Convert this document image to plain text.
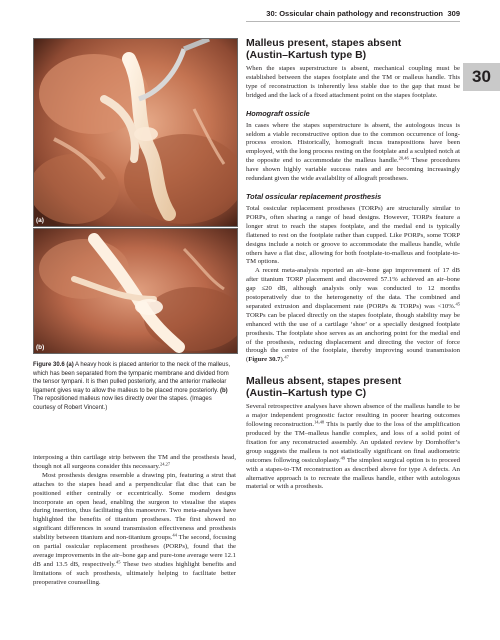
30: Ossicular chain pathology and reconstruction 309
30
(a)
(b)
Figure 30.6 (a) A heavy hook is placed anterior to the neck of the malleus, which has been separated from the tympanic membrane and divided from the tensor tympani. It is then pulled posteriorly, and the anterior malleolar ligament gives way to allow the malleus to be placed more posteriorly. (b) The repositioned malleus now lies directly over the stapes. (Images courtesy of Robert Vincent.)

interposing a thin cartilage strip between the TM and the prosthesis head, though not all surgeons consider this necessary.$^{24,27}$

Most prosthesis designs resemble a drawing pin, featuring a strut that attaches to the stapes head and a perpendicular flat disc that can be positioned either centrally or eccentrically. Some modern designs incorporate an open head, enabling the surgeon to visualise the stapes during insertion, thus facilitating this manoeuvre. Two meta-analyses have highlighted the benefits of titanium prostheses. The first showed no significant differences in sound transmission effectiveness and prosthesis stability between titanium and non-titanium groups.$^{44}$ The second, focusing on partial ossicular replacement prostheses (PORPs), found that the average improvements in the air–bone gap and pure-tone average were 12.1 dB and 13.5 dB, respectively.$^{45}$ These two studies highlight benefits and limitations of such prosthesis, ultimately helping to facilitate better preoperative counselling.

Malleus present, stapes absent
(Austin–Kartush type B)

When the stapes superstructure is absent, mechanical coupling must be established between the stapes footplate and the TM or malleus handle. This type of reconstruction is inherently less stable due to the gap that must be bridged and the lack of a fixed attachment point on the stapes footplate.

Homograft ossicle

In cases where the stapes superstructure is absent, the autologous incus is seldom a viable reconstructive option due to the common occurrence of long-process erosion. Historically, homograft incus transpositions have been employed, with the long process resting on the footplate and a sculpted notch at the opposite end to accommodate the malleus handle.$^{20,46}$ These procedures have shown highly variable success rates and are becoming increasingly redundant given the wide availability of allograft prostheses.

Total ossicular replacement prosthesis

Total ossicular replacement prostheses (TORPs) are structurally similar to PORPs, often sharing a range of head designs. However, TORPs feature a longer strut to reach the stapes footplate, and the medial end is typically flattened to rest on the footplate rather than cupped. Like PORPs, some TORP designs include a notch or groove to accommodate the malleus handle, while others have a flat disc, allowing for both footplate-to-malleus and footplate-to-TM options.

A recent meta-analysis reported an air–bone gap improvement of 17 dB after titanium TORP placement and discovered 57.1% achieved an air–bone gap ≤20 dB, although analysis only was conducted to 12 months postoperatively due to the heterogeneity of the data. The combined and separated extrusion and displacement rate (PORPs & TORPs) was <10%.$^{45}$ TORPs can be placed directly on the stapes footplate, though stability may be enhanced with the use of a cartilage ‘shoe’ or a specially designed footplate prosthesis. The footplate shoe serves as an anchoring point for the medial end of the prosthesis, reducing displacement and directing the vector of force through the centre of the footplate, thereby improving sound transmission (Figure 30.7).$^{47}$

Malleus absent, stapes present
(Austin–Kartush type C)

Several retrospective analyses have shown absence of the malleus handle to be a major independent prognostic factor resulting in poorer hearing outcomes following reconstruction.$^{14,48}$ This is partly due to the loss of the amplification produced by the TM–malleus handle complex, and loss of a solid point of fixation for any reconstructed assembly. An updated review by Dornhoffer’s group suggests the malleus is not statistically significant on final audiometric outcomes following ossiculoplasty.$^{49}$ The simplest surgical option is to proceed with a stapes-to-TM reconstruction as described above for type A defects. An alternative approach is to recreate the malleus handle, either with autologous material or with a prosthesis.
